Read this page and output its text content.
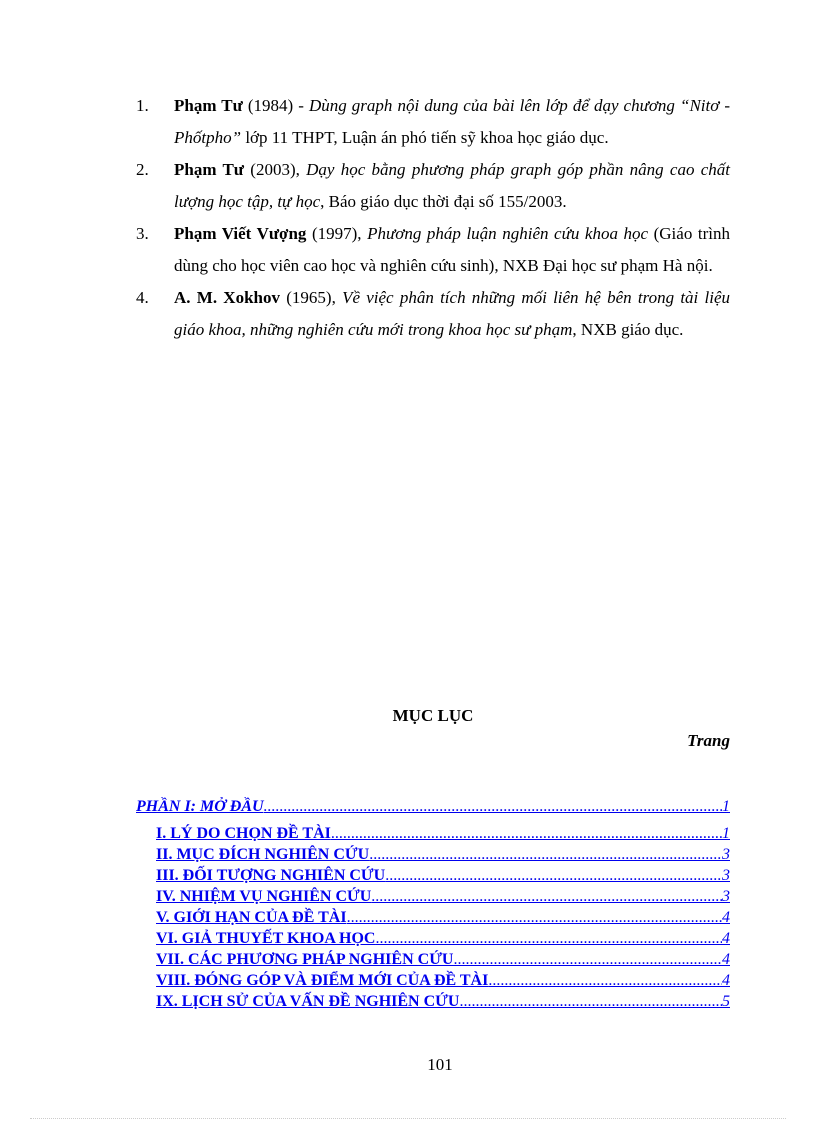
1.	Phạm Tư (1984) - Dùng graph nội dung của bài lên lớp để dạy chương “Nitơ - Phốtpho” lớp 11 THPT, Luận án phó tiến sỹ khoa học giáo dục.
2.	Phạm Tư (2003), Dạy học bằng phương pháp graph góp phần nâng cao chất lượng học tập, tự học, Báo giáo dục thời đại số 155/2003.
3.	Phạm Viết Vượng (1997), Phương pháp luận nghiên cứu khoa học (Giáo trình dùng cho học viên cao học và nghiên cứu sinh), NXB Đại học sư phạm Hà nội.
4.	A. M. Xokhov (1965), Về việc phân tích những mối liên hệ bên trong tài liệu giáo khoa, những nghiên cứu mới trong khoa học sư phạm, NXB giáo dục.
MỤC LỤC
Trang
PHẦN I: MỞ ĐẦU .....	1
I. LÝ DO CHỌN ĐỀ TÀI .....	1
II. MỤC ĐÍCH NGHIÊN CỨU .....	3
III. ĐỐI TƯỢNG NGHIÊN CỨU .....	3
IV. NHIỆM VỤ NGHIÊN CỨU .....	3
V. GIỚI HẠN CỦA ĐỀ TÀI .....	4
VI. GIẢ THUYẾT KHOA HỌC .....	4
VII. CÁC PHƯƠNG PHÁP NGHIÊN CỨU .....	4
VIII. ĐÓNG GÓP VÀ ĐIỂM MỚI CỦA ĐỀ TÀI .....	4
IX. LỊCH SỬ CỦA VẤN ĐỀ NGHIÊN CỨU .....	5
101
